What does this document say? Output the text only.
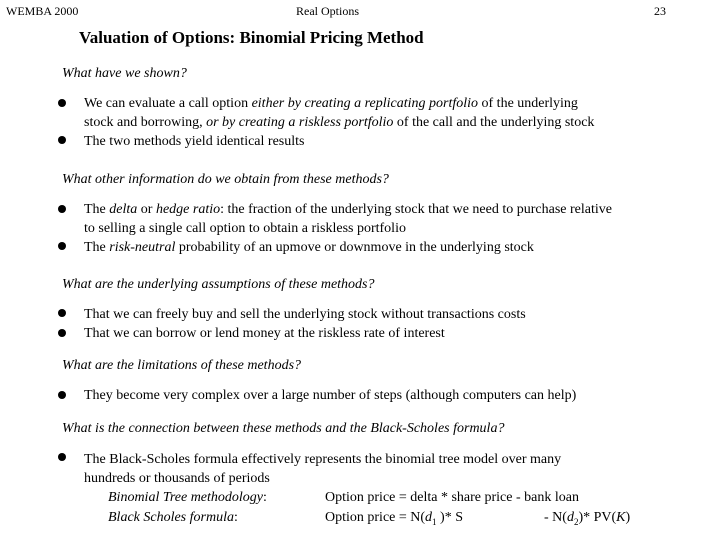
WEMBA 2000	Real Options	23
Valuation of Options: Binomial Pricing Method
What have we shown?
We can evaluate a call option either by creating a replicating portfolio of the underlying
stock and borrowing, or by creating a riskless portfolio of the call and the underlying stock
The two methods yield identical results
What other information do we obtain from these methods?
The delta or hedge ratio: the fraction of the underlying stock that we need to purchase relative
to selling a single call option to obtain a riskless portfolio
The risk-neutral probability of an upmove or downmove in the underlying stock
What are the underlying assumptions of these methods?
That we can freely buy and sell the underlying stock without transactions costs
That we can borrow or lend money at the riskless rate of interest
What are the limitations of these methods?
They become very complex over a large number of steps (although computers can help)
What is the connection between these methods and the Black-Scholes formula?
The Black-Scholes formula effectively represents the binomial tree model over many
hundreds or thousands of periods
Binomial Tree methodology:	Option price = delta * share price - bank loan
Black Scholes formula:	Option price = $N(d_1$ )* S	- $N(d_2)*$ PV(K)
